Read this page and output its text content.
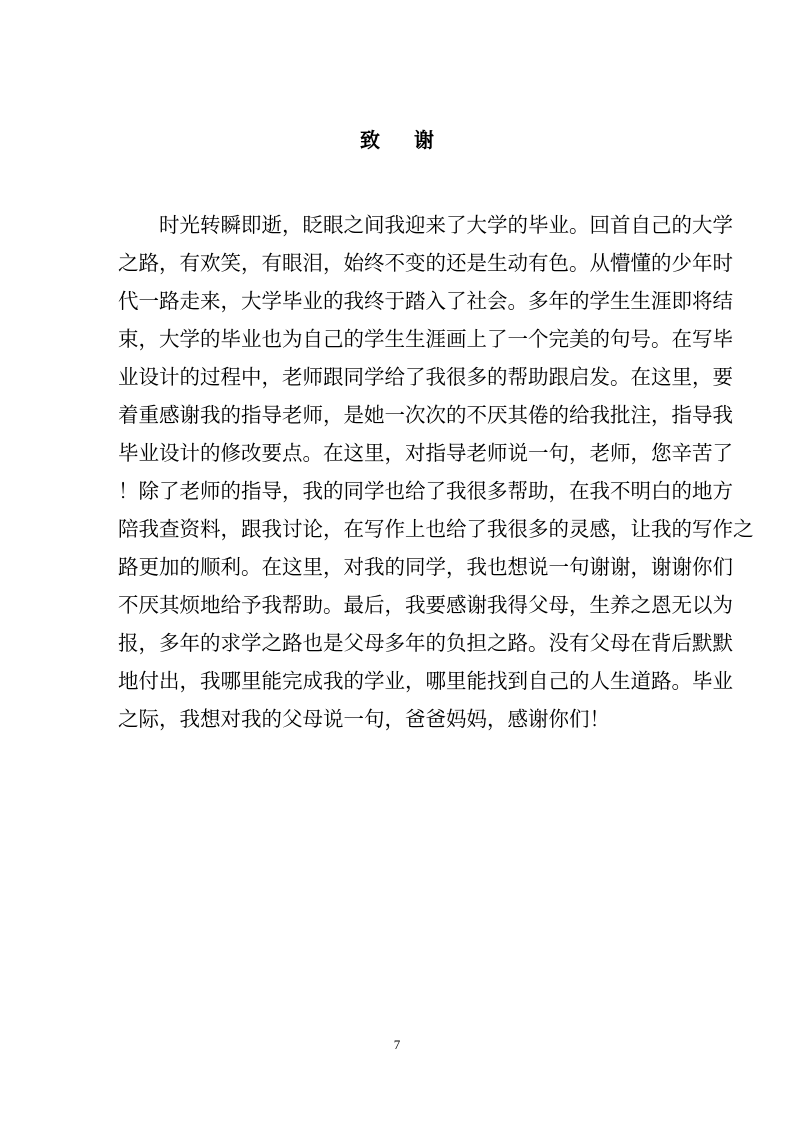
致 谢
　　时光转瞬即逝，眨眼之间我迎来了大学的毕业。回首自己的大学
之路，有欢笑，有眼泪，始终不变的还是生动有色。从懵懂的少年时
代一路走来，大学毕业的我终于踏入了社会。多年的学生生涯即将结
束，大学的毕业也为自己的学生生涯画上了一个完美的句号。在写毕
业设计的过程中，老师跟同学给了我很多的帮助跟启发。在这里，要
着重感谢我的指导老师，是她一次次的不厌其倦的给我批注，指导我
毕业设计的修改要点。在这里，对指导老师说一句，老师，您辛苦了
！除了老师的指导，我的同学也给了我很多帮助，在我不明白的地方
陪我查资料，跟我讨论，在写作上也给了我很多的灵感，让我的写作之
路更加的顺利。在这里，对我的同学，我也想说一句谢谢，谢谢你们
不厌其烦地给予我帮助。最后，我要感谢我得父母，生养之恩无以为
报，多年的求学之路也是父母多年的负担之路。没有父母在背后默默
地付出，我哪里能完成我的学业，哪里能找到自己的人生道路。毕业
之际，我想对我的父母说一句，爸爸妈妈，感谢你们！
7
